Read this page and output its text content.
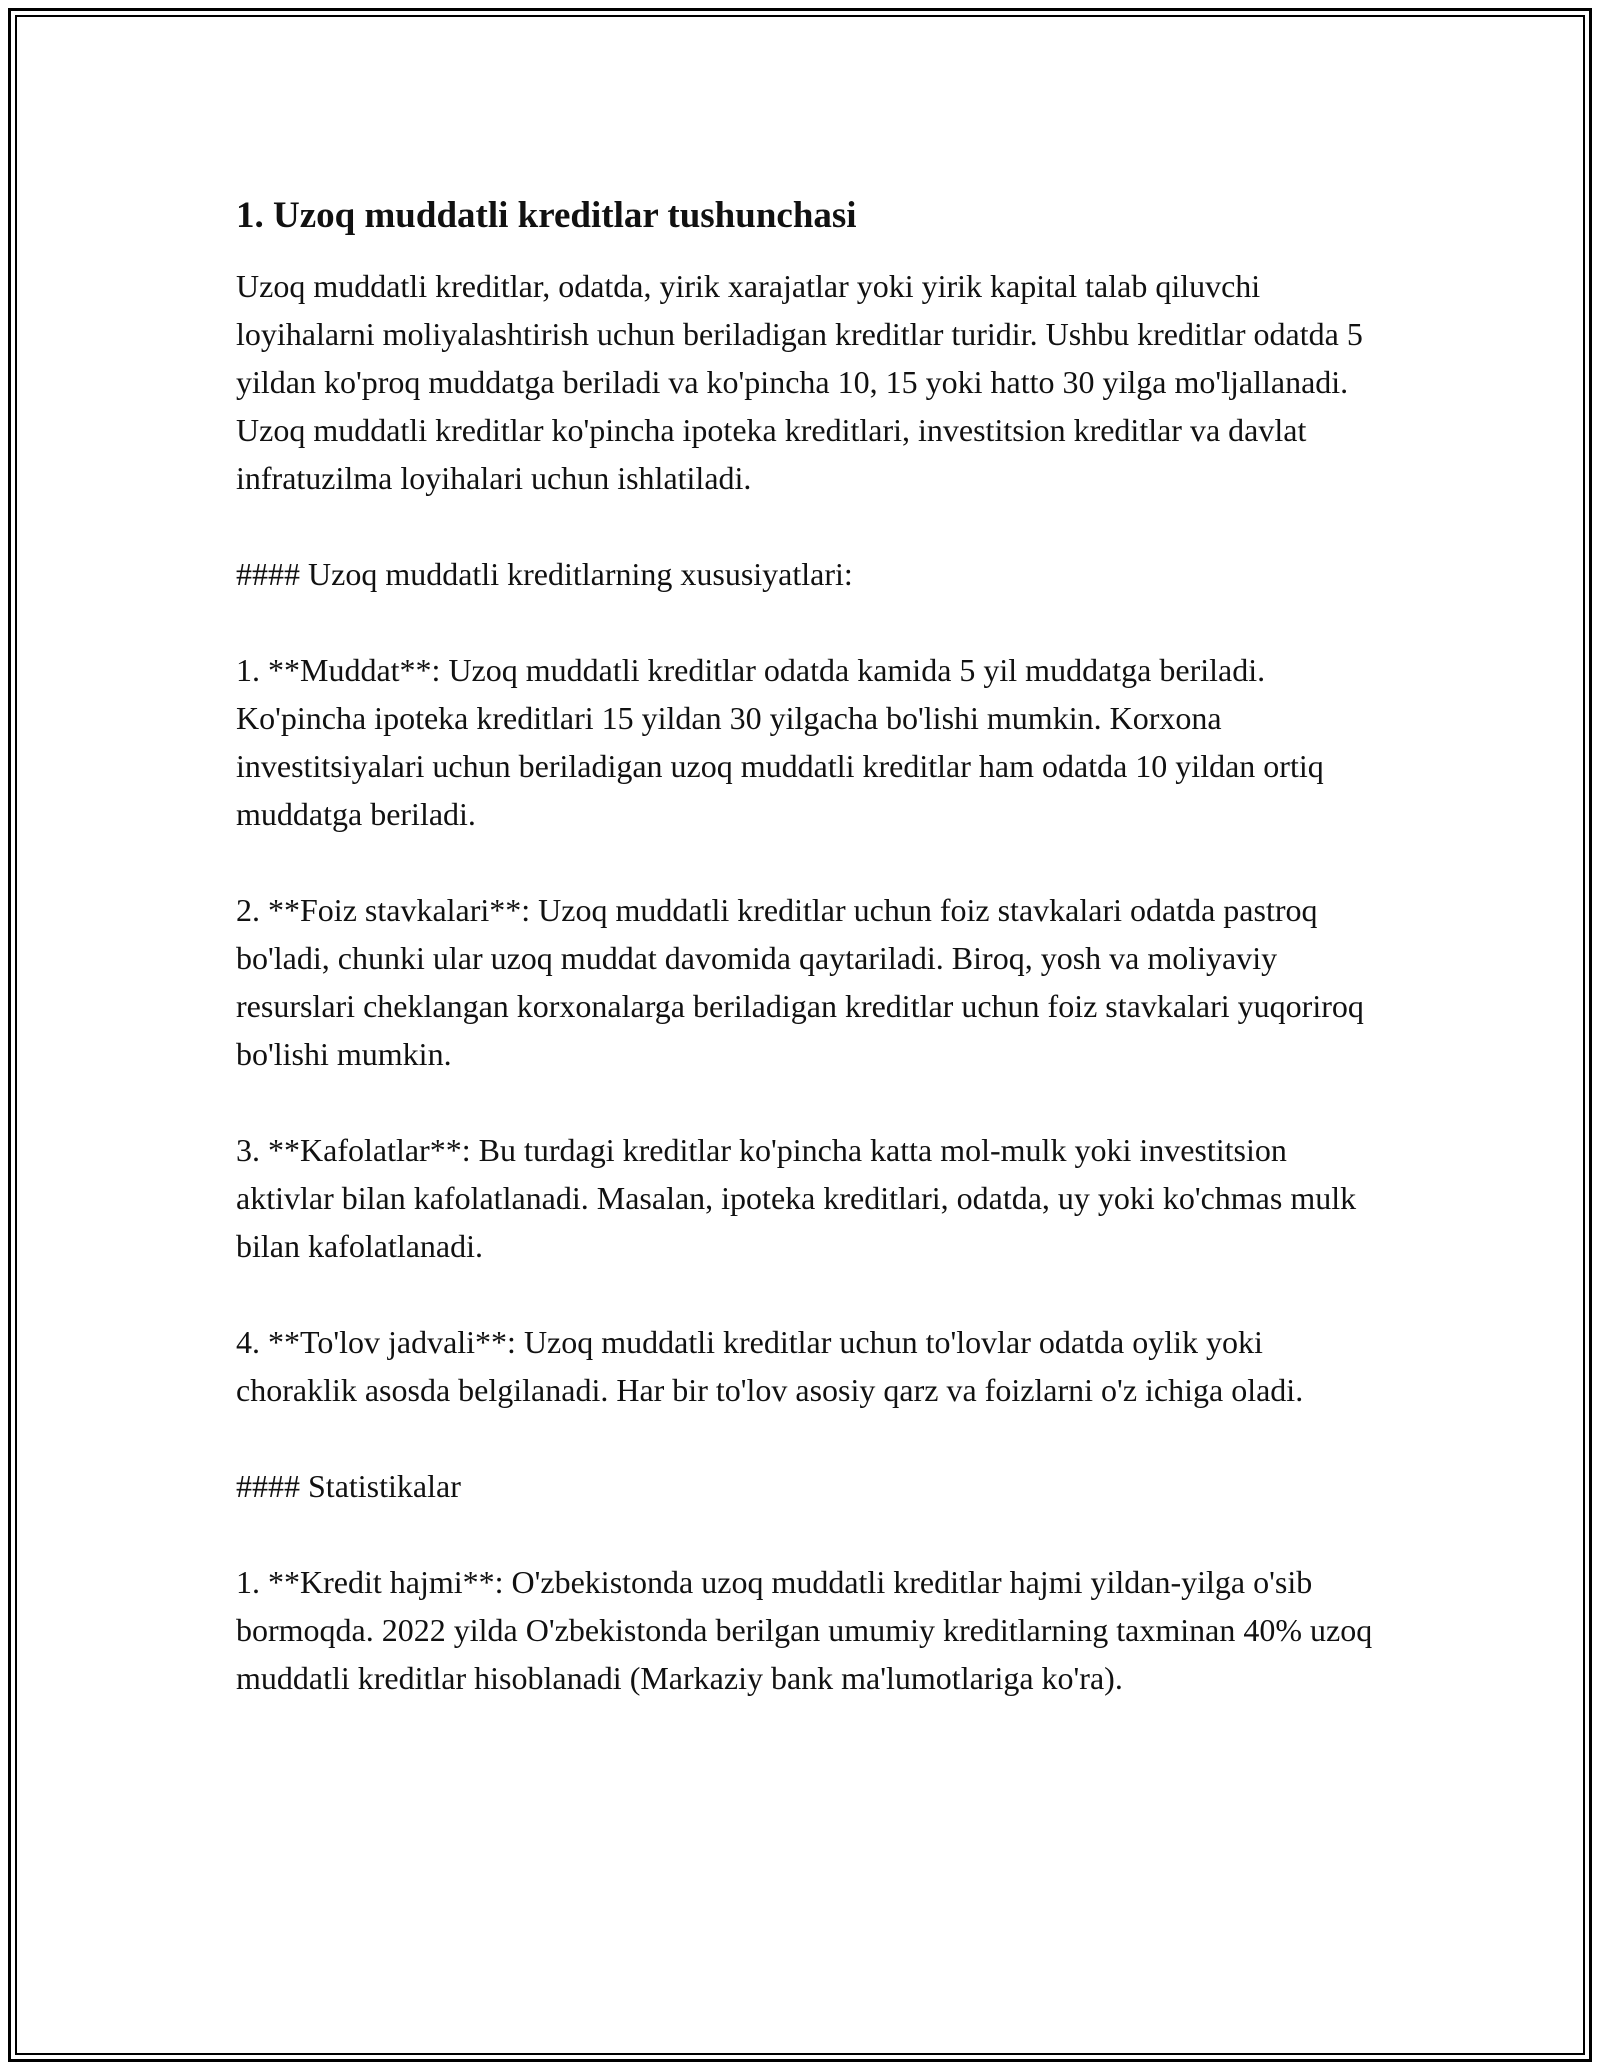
1. Uzoq muddatli kreditlar tushunchasi

Uzoq muddatli kreditlar, odatda, yirik xarajatlar yoki yirik kapital talab qiluvchi loyihalarni moliyalashtirish uchun beriladigan kreditlar turidir. Ushbu kreditlar odatda 5 yildan ko'proq muddatga beriladi va ko'pincha 10, 15 yoki hatto 30 yilga mo'ljallanadi. Uzoq muddatli kreditlar ko'pincha ipoteka kreditlari, investitsion kreditlar va davlat infratuzilma loyihalari uchun ishlatiladi.

#### Uzoq muddatli kreditlarning xususiyatlari:

1. **Muddat**: Uzoq muddatli kreditlar odatda kamida 5 yil muddatga beriladi. Ko'pincha ipoteka kreditlari 15 yildan 30 yilgacha bo'lishi mumkin. Korxona investitsiyalari uchun beriladigan uzoq muddatli kreditlar ham odatda 10 yildan ortiq muddatga beriladi.

2. **Foiz stavkalari**: Uzoq muddatli kreditlar uchun foiz stavkalari odatda pastroq bo'ladi, chunki ular uzoq muddat davomida qaytariladi. Biroq, yosh va moliyaviy resurslari cheklangan korxonalarga beriladigan kreditlar uchun foiz stavkalari yuqoriroq bo'lishi mumkin.

3. **Kafolatlar**: Bu turdagi kreditlar ko'pincha katta mol-mulk yoki investitsion aktivlar bilan kafolatlanadi. Masalan, ipoteka kreditlari, odatda, uy yoki ko'chmas mulk bilan kafolatlanadi.

4. **To'lov jadvali**: Uzoq muddatli kreditlar uchun to'lovlar odatda oylik yoki choraklik asosda belgilanadi. Har bir to'lov asosiy qarz va foizlarni o'z ichiga oladi.

#### Statistikalar

1. **Kredit hajmi**: O'zbekistonda uzoq muddatli kreditlar hajmi yildan-yilga o'sib bormoqda. 2022 yilda O'zbekistonda berilgan umumiy kreditlarning taxminan 40% uzoq muddatli kreditlar hisoblanadi (Markaziy bank ma'lumotlariga ko'ra).
